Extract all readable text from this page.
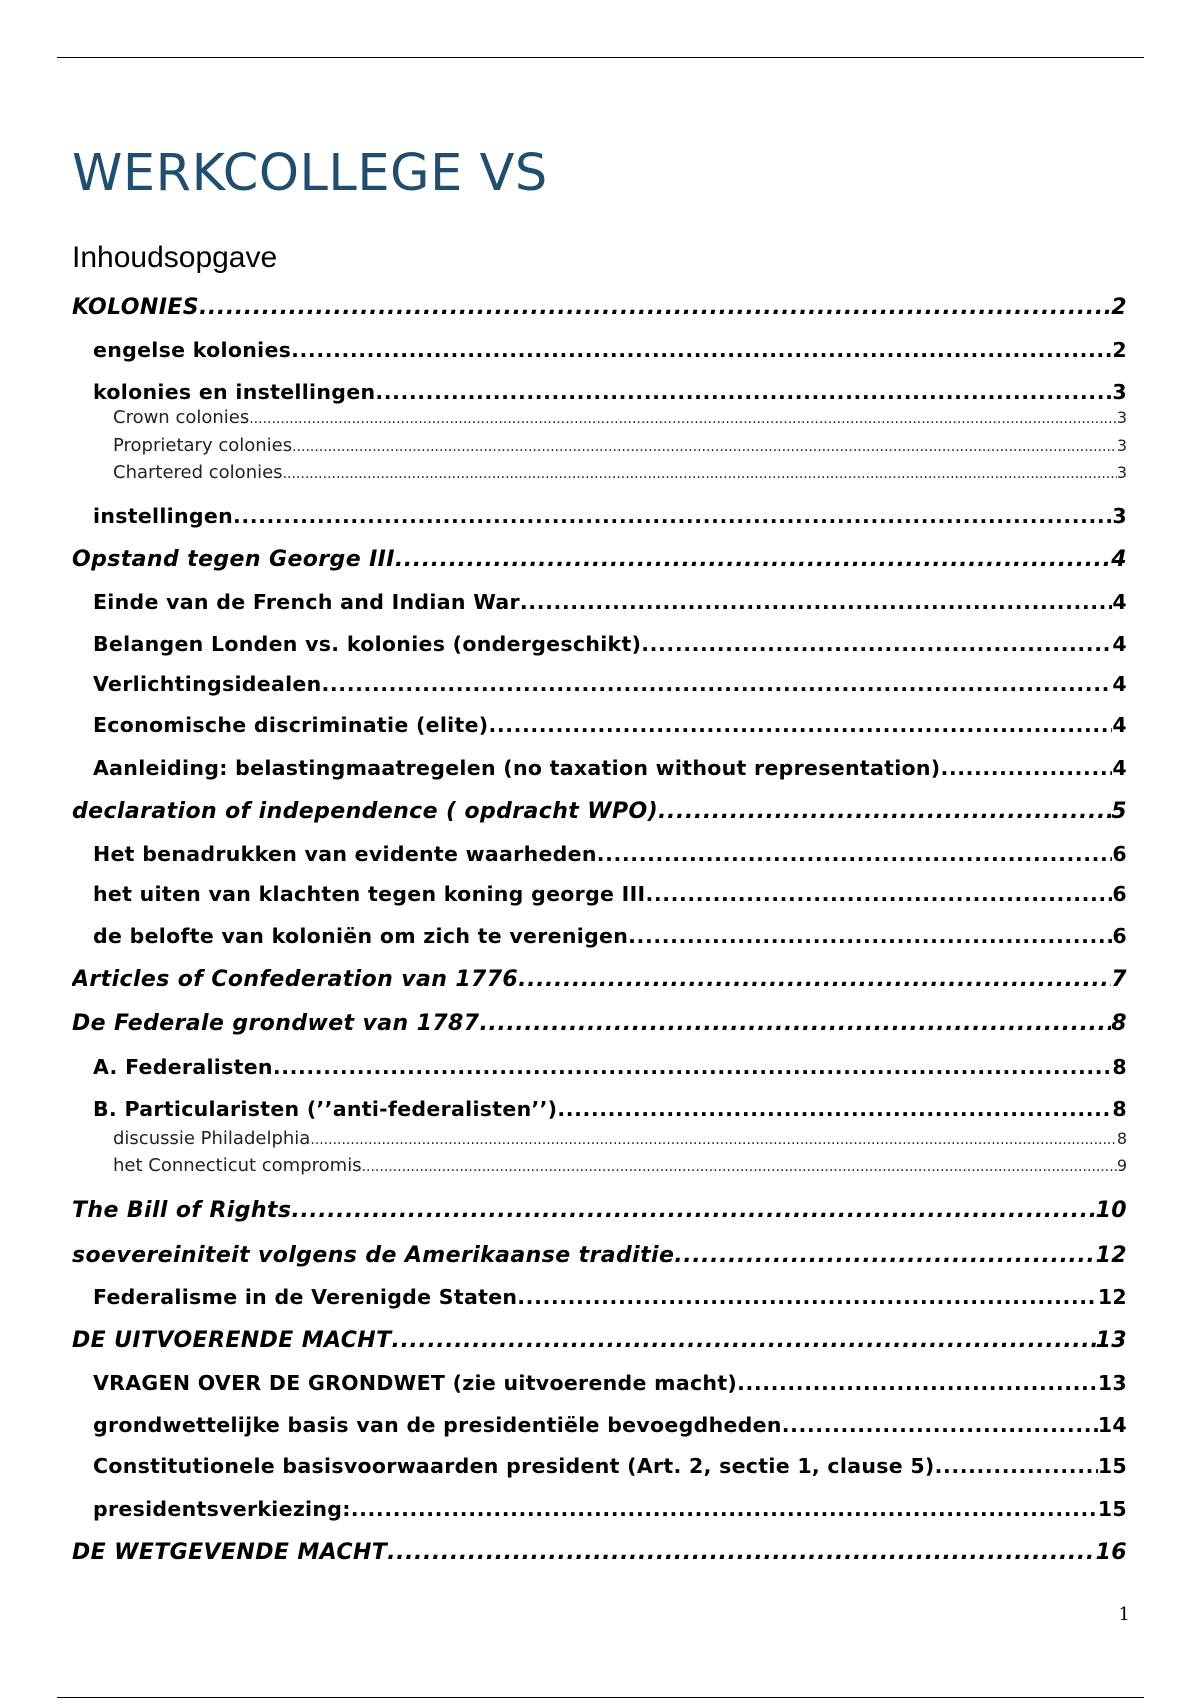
WERKCOLLEGE VS
Inhoudsopgave
KOLONIES .....	2
engelse kolonies .....	2
kolonies en instellingen .....	3
Crown colonies .....	3
Proprietary colonies .....	3
Chartered colonies .....	3
instellingen .....	3
Opstand tegen George III .....	4
Einde van de French and Indian War .....	4
Belangen Londen vs. kolonies (ondergeschikt) .....	4
Verlichtingsidealen .....	4
Economische discriminatie (elite) .....	4
Aanleiding: belastingmaatregelen (no taxation without representation) .....	4
declaration of independence ( opdracht WPO) .....	5
Het benadrukken van evidente waarheden .....	6
het uiten van klachten tegen koning george III .....	6
de belofte van koloniën om zich te verenigen .....	6
Articles of Confederation van 1776 .....	7
De Federale grondwet van 1787 .....	8
A. Federalisten .....	8
B. Particularisten (’’anti-federalisten’’) .....	8
discussie Philadelphia .....	8
het Connecticut compromis .....	9
The Bill of Rights .....	10
soevereiniteit volgens de Amerikaanse traditie .....	12
Federalisme in de Verenigde Staten .....	12
DE UITVOERENDE MACHT .....	13
VRAGEN OVER DE GRONDWET (zie uitvoerende macht) .....	13
grondwettelijke basis van de presidentiële bevoegdheden .....	14
Constitutionele basisvoorwaarden president (Art. 2, sectie 1, clause 5) .....	15
presidentsverkiezing: .....	15
DE WETGEVENDE MACHT .....	16
1
